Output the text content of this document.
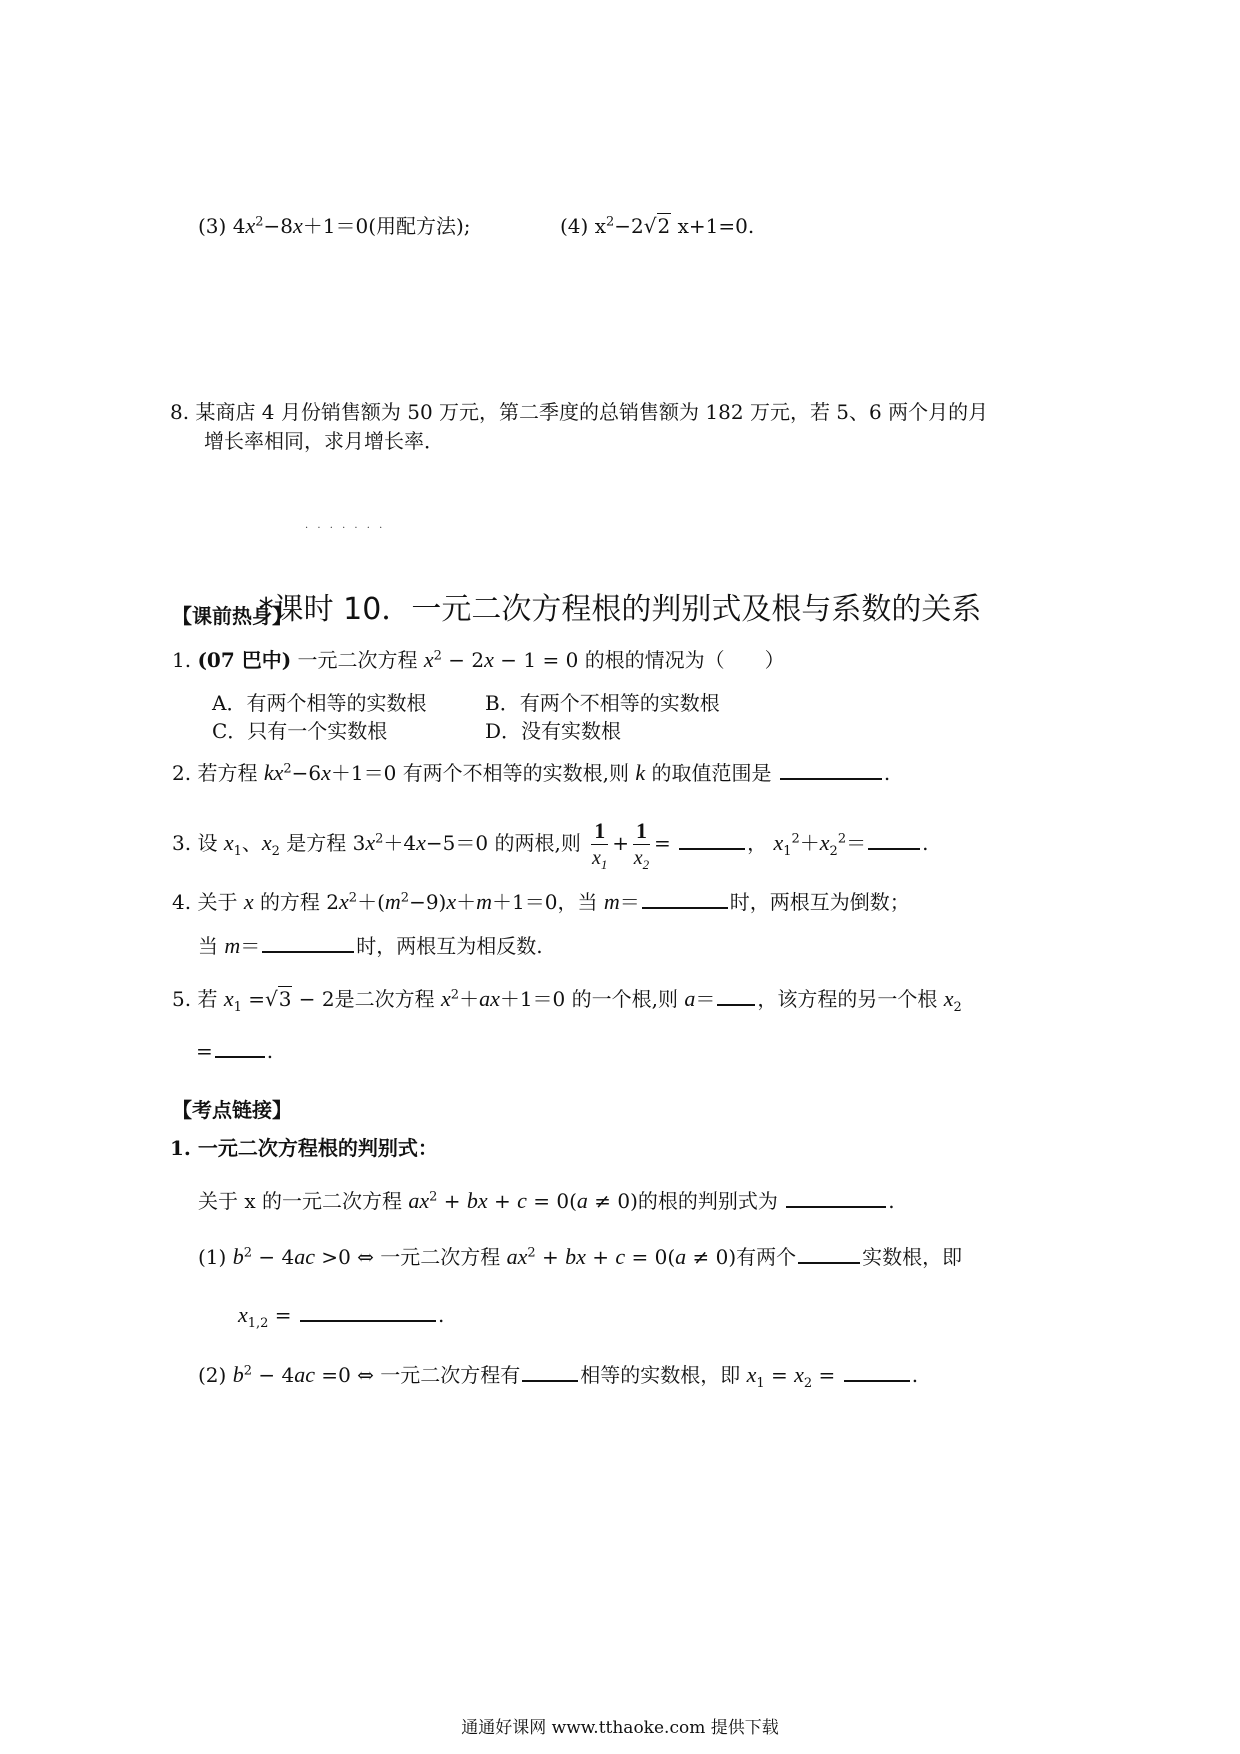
(3) $4x^2-8x+1=0$(用配方法);	(4) $x^2-2√2$ x+1=0.
8. 某商店 4 月份销售额为 50 万元，第二季度的总销售额为 182 万元，若 5、6 两个月的月
增长率相同，求月增长率．
· · · · · · ·
*课时 10．一元二次方程根的判别式及根与系数的关系
【课前热身】
1. (07 巴中) 一元二次方程 $x^2 - 2x - 1 = 0$ 的根的情况为（　　）
A．有两个相等的实数根	B．有两个不相等的实数根
C．只有一个实数根	D．没有实数根
2. 若方程 $kx^2-6x+1=0$ 有两个不相等的实数根,则 k 的取值范围是	.
3. 设 $x_1$、$x_2$ 是方程 $3x^2+4x-5=0$ 的两根,则 $\frac{1}{x_1} + \frac{1}{x_2}$ =	， $x_1^2+x_2^2=$	.
4. 关于 x 的方程 $2x^2+(m^2-9)x+m+1=0$，当 m＝	时，两根互为倒数；
当 m＝	时，两根互为相反数.
5. 若 $x_1 =√3 - 2$是二次方程 $x^2+ax+1=0$ 的一个根,则 a＝ ，该方程的另一个根 $x_2$
=	.
【考点链接】
1. 一元二次方程根的判别式：
关于 x 的一元二次方程 $ax^2$ + bx + c = 0(a ≠ 0)的根的判别式为	.
(1) $b^2 - 4ac >0$ ⇔ 一元二次方程 $ax^2$ + bx + c = 0(a ≠ 0)有两个	实数根，即
$x_{1,2}$ =	.
(2) $b^2 - 4ac =0$ ⇔ 一元二次方程有	相等的实数根，即 $x_1 = x_2$ =	.
通通好课网 www.tthaoke.com 提供下载
